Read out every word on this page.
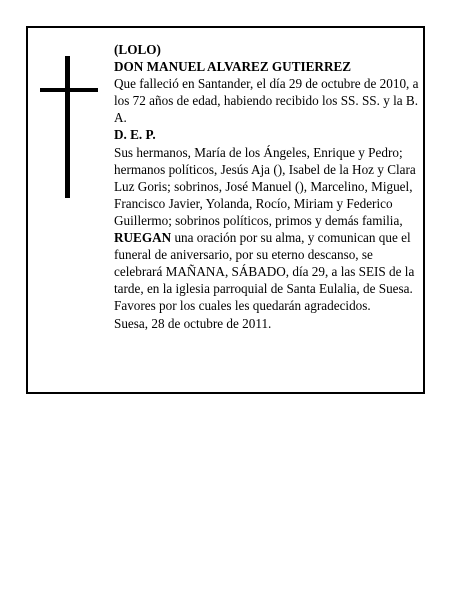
(LOLO)

DON MANUEL ALVAREZ GUTIERREZ

Que falleció en Santander, el día 29 de octubre de 2010, a los 72 años de edad, habiendo recibido los SS. SS. y la B. A.

D. E. P.

Sus hermanos, María de los Ángeles, Enrique y Pedro; hermanos políticos, Jesús Aja (), Isabel de la Hoz y Clara Luz Goris; sobrinos, José Manuel (), Marcelino, Miguel, Francisco Javier, Yolanda, Rocío, Miriam y Federico Guillermo; sobrinos políticos, primos y demás familia,

RUEGAN una oración por su alma, y comunican que el funeral de aniversario, por su eterno descanso, se celebrará MAÑANA, SÁBADO, día 29, a las SEIS de la tarde, en la iglesia parroquial de Santa Eulalia, de Suesa. Favores por los cuales les quedarán agradecidos.

Suesa, 28 de octubre de 2011.
